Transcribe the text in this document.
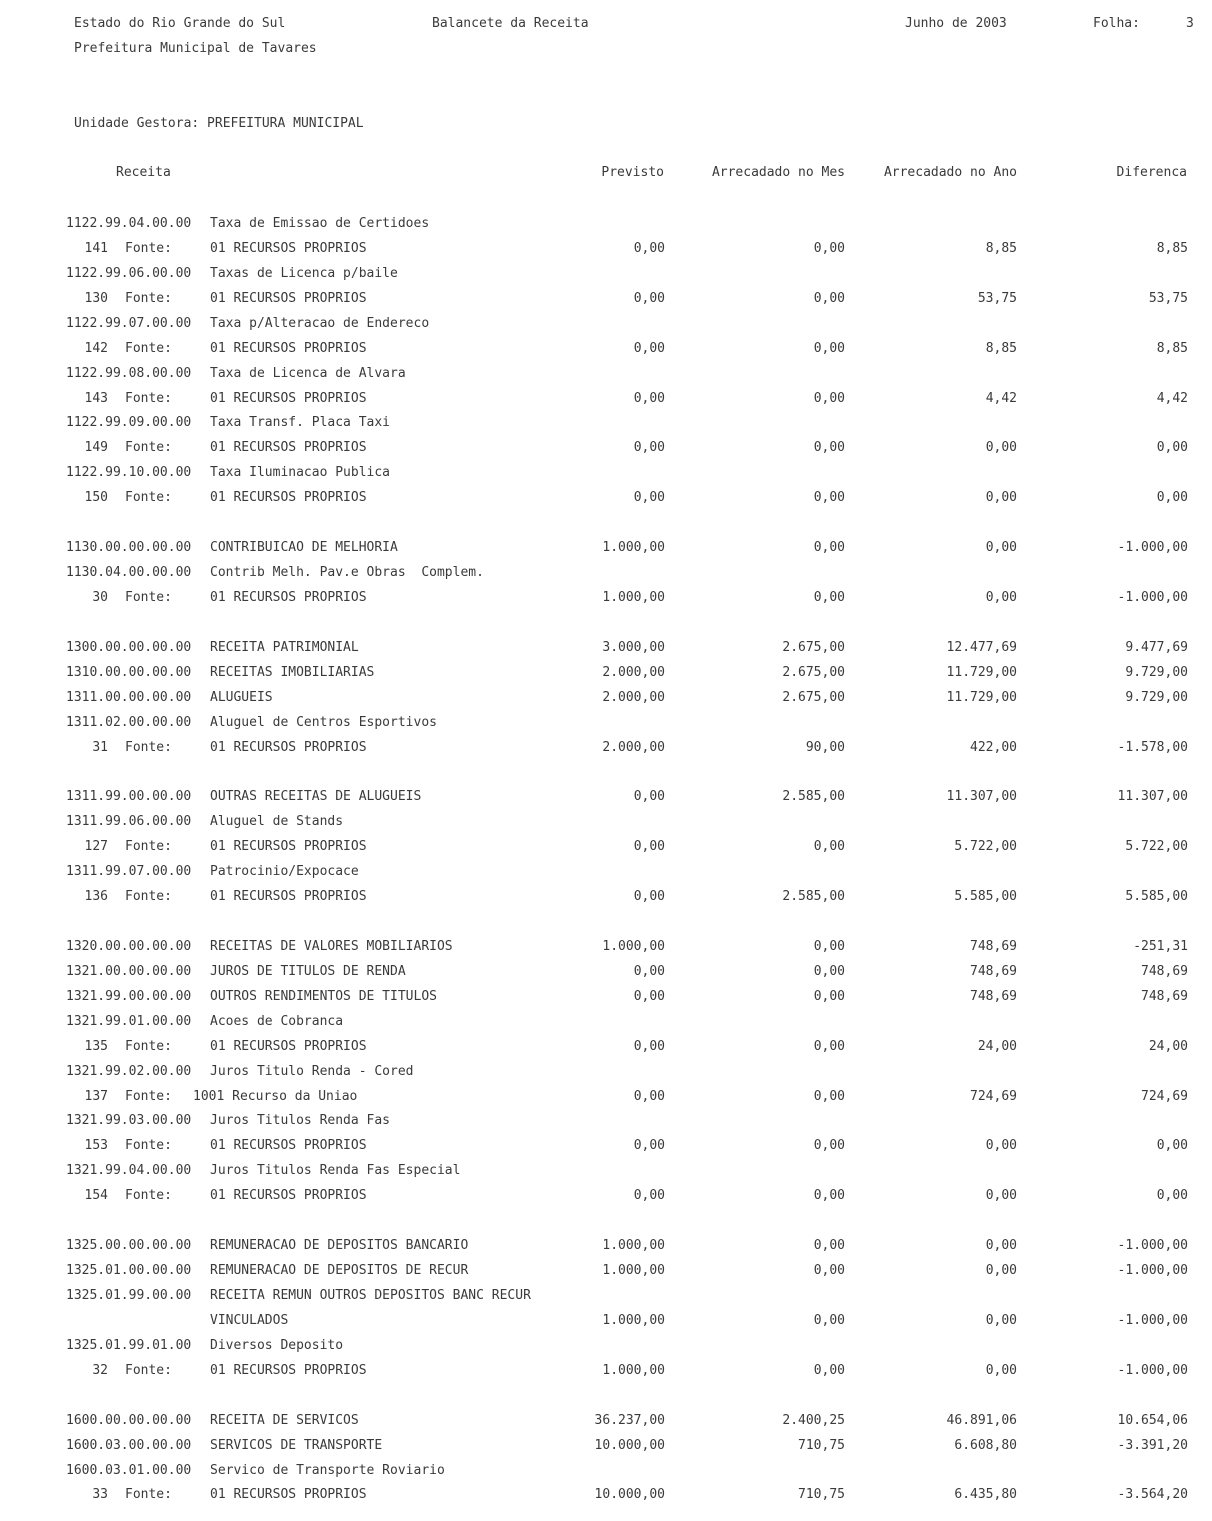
Estado do Rio Grande do Sul	Balancete da Receita	Junho de 2003	Folha:	3
Prefeitura Municipal de Tavares
Unidade Gestora: PREFEITURA MUNICIPAL
Receita	Previsto	Arrecadado no Mes	Arrecadado no Ano	Diferenca
1122.99.04.00.00 Taxa de Emissao de Certidoes
141 Fonte:	01 RECURSOS PROPRIOS	0,00	0,00	8,85	8,85
1122.99.06.00.00 Taxas de Licenca p/baile
130 Fonte:	01 RECURSOS PROPRIOS	0,00	0,00	53,75	53,75
1122.99.07.00.00 Taxa p/Alteracao de Endereco
142 Fonte:	01 RECURSOS PROPRIOS	0,00	0,00	8,85	8,85
1122.99.08.00.00 Taxa de Licenca de Alvara
143 Fonte:	01 RECURSOS PROPRIOS	0,00	0,00	4,42	4,42
1122.99.09.00.00 Taxa Transf. Placa Taxi
149 Fonte:	01 RECURSOS PROPRIOS	0,00	0,00	0,00	0,00
1122.99.10.00.00 Taxa Iluminacao Publica
150 Fonte:	01 RECURSOS PROPRIOS	0,00	0,00	0,00	0,00
1130.00.00.00.00 CONTRIBUICAO DE MELHORIA	1.000,00	0,00	0,00	-1.000,00
1130.04.00.00.00 Contrib Melh. Pav.e Obras  Complem.
30 Fonte:	01 RECURSOS PROPRIOS	1.000,00	0,00	0,00	-1.000,00
1300.00.00.00.00 RECEITA PATRIMONIAL	3.000,00	2.675,00	12.477,69	9.477,69
1310.00.00.00.00 RECEITAS IMOBILIARIAS	2.000,00	2.675,00	11.729,00	9.729,00
1311.00.00.00.00 ALUGUEIS	2.000,00	2.675,00	11.729,00	9.729,00
1311.02.00.00.00 Aluguel de Centros Esportivos
31 Fonte:	01 RECURSOS PROPRIOS	2.000,00	90,00	422,00	-1.578,00
1311.99.00.00.00 OUTRAS RECEITAS DE ALUGUEIS	0,00	2.585,00	11.307,00	11.307,00
1311.99.06.00.00 Aluguel de Stands
127 Fonte:	01 RECURSOS PROPRIOS	0,00	0,00	5.722,00	5.722,00
1311.99.07.00.00 Patrocinio/Expocace
136 Fonte:	01 RECURSOS PROPRIOS	0,00	2.585,00	5.585,00	5.585,00
1320.00.00.00.00 RECEITAS DE VALORES MOBILIARIOS	1.000,00	0,00	748,69	-251,31
1321.00.00.00.00 JUROS DE TITULOS DE RENDA	0,00	0,00	748,69	748,69
1321.99.00.00.00 OUTROS RENDIMENTOS DE TITULOS	0,00	0,00	748,69	748,69
1321.99.01.00.00 Acoes de Cobranca
135 Fonte:	01 RECURSOS PROPRIOS	0,00	0,00	24,00	24,00
1321.99.02.00.00 Juros Titulo Renda - Cored
137 Fonte: 1001 Recurso da Uniao	0,00	0,00	724,69	724,69
1321.99.03.00.00 Juros Titulos Renda Fas
153 Fonte:	01 RECURSOS PROPRIOS	0,00	0,00	0,00	0,00
1321.99.04.00.00 Juros Titulos Renda Fas Especial
154 Fonte:	01 RECURSOS PROPRIOS	0,00	0,00	0,00	0,00
1325.00.00.00.00 REMUNERACAO DE DEPOSITOS BANCARIO	1.000,00	0,00	0,00	-1.000,00
1325.01.00.00.00 REMUNERACAO DE DEPOSITOS DE RECUR	1.000,00	0,00	0,00	-1.000,00
1325.01.99.00.00 RECEITA REMUN OUTROS DEPOSITOS BANC RECUR
VINCULADOS	1.000,00	0,00	0,00	-1.000,00
1325.01.99.01.00 Diversos Deposito
32 Fonte:	01 RECURSOS PROPRIOS	1.000,00	0,00	0,00	-1.000,00
1600.00.00.00.00 RECEITA DE SERVICOS	36.237,00	2.400,25	46.891,06	10.654,06
1600.03.00.00.00 SERVICOS DE TRANSPORTE	10.000,00	710,75	6.608,80	-3.391,20
1600.03.01.00.00 Servico de Transporte Roviario
33 Fonte:	01 RECURSOS PROPRIOS	10.000,00	710,75	6.435,80	-3.564,20
